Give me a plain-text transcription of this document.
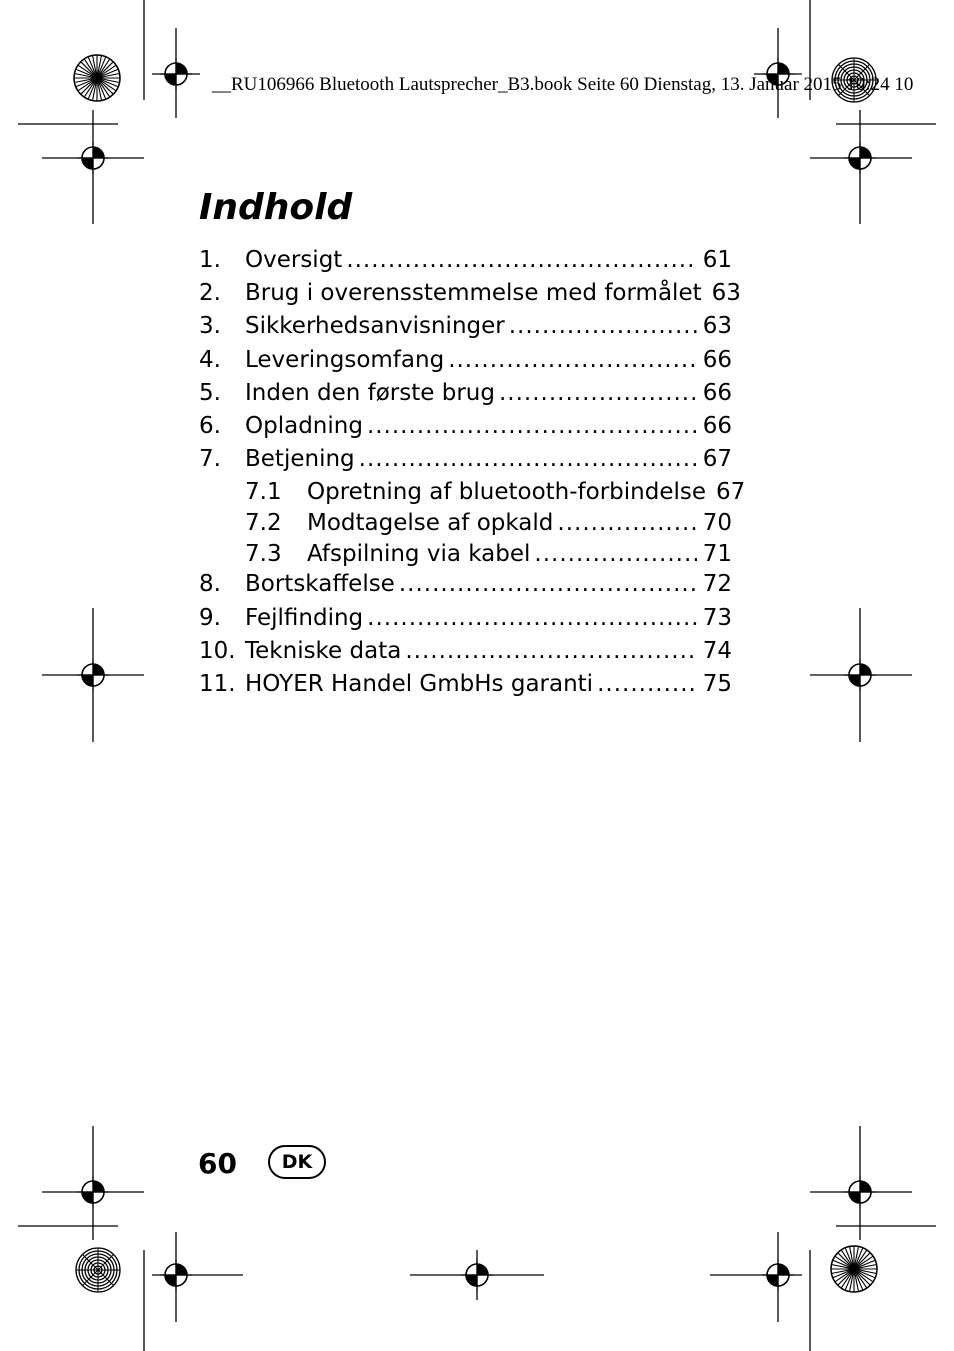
__RU106966 Bluetooth Lautsprecher_B3.book Seite 60 Dienstag, 13. Januar 2015 10:24 10
Indhold
1.	Oversigt .....	61
2.	Brug i overensstemmelse med formålet 63
3.	Sikkerhedsanvisninger .....	63
4.	Leveringsomfang .....	66
5.	Inden den første brug .....	66
6.	Opladning .....	66
7.	Betjening .....	67
7.1	Opretning af bluetooth-forbindelse 67
7.2	Modtagelse af opkald .....	70
7.3	Afspilning via kabel .....	71
8.	Bortskaffelse .....	72
9.	Fejlfinding .....	73
10. Tekniske data .....	74
11. HOYER Handel GmbHs garanti .....	75
60	DK
